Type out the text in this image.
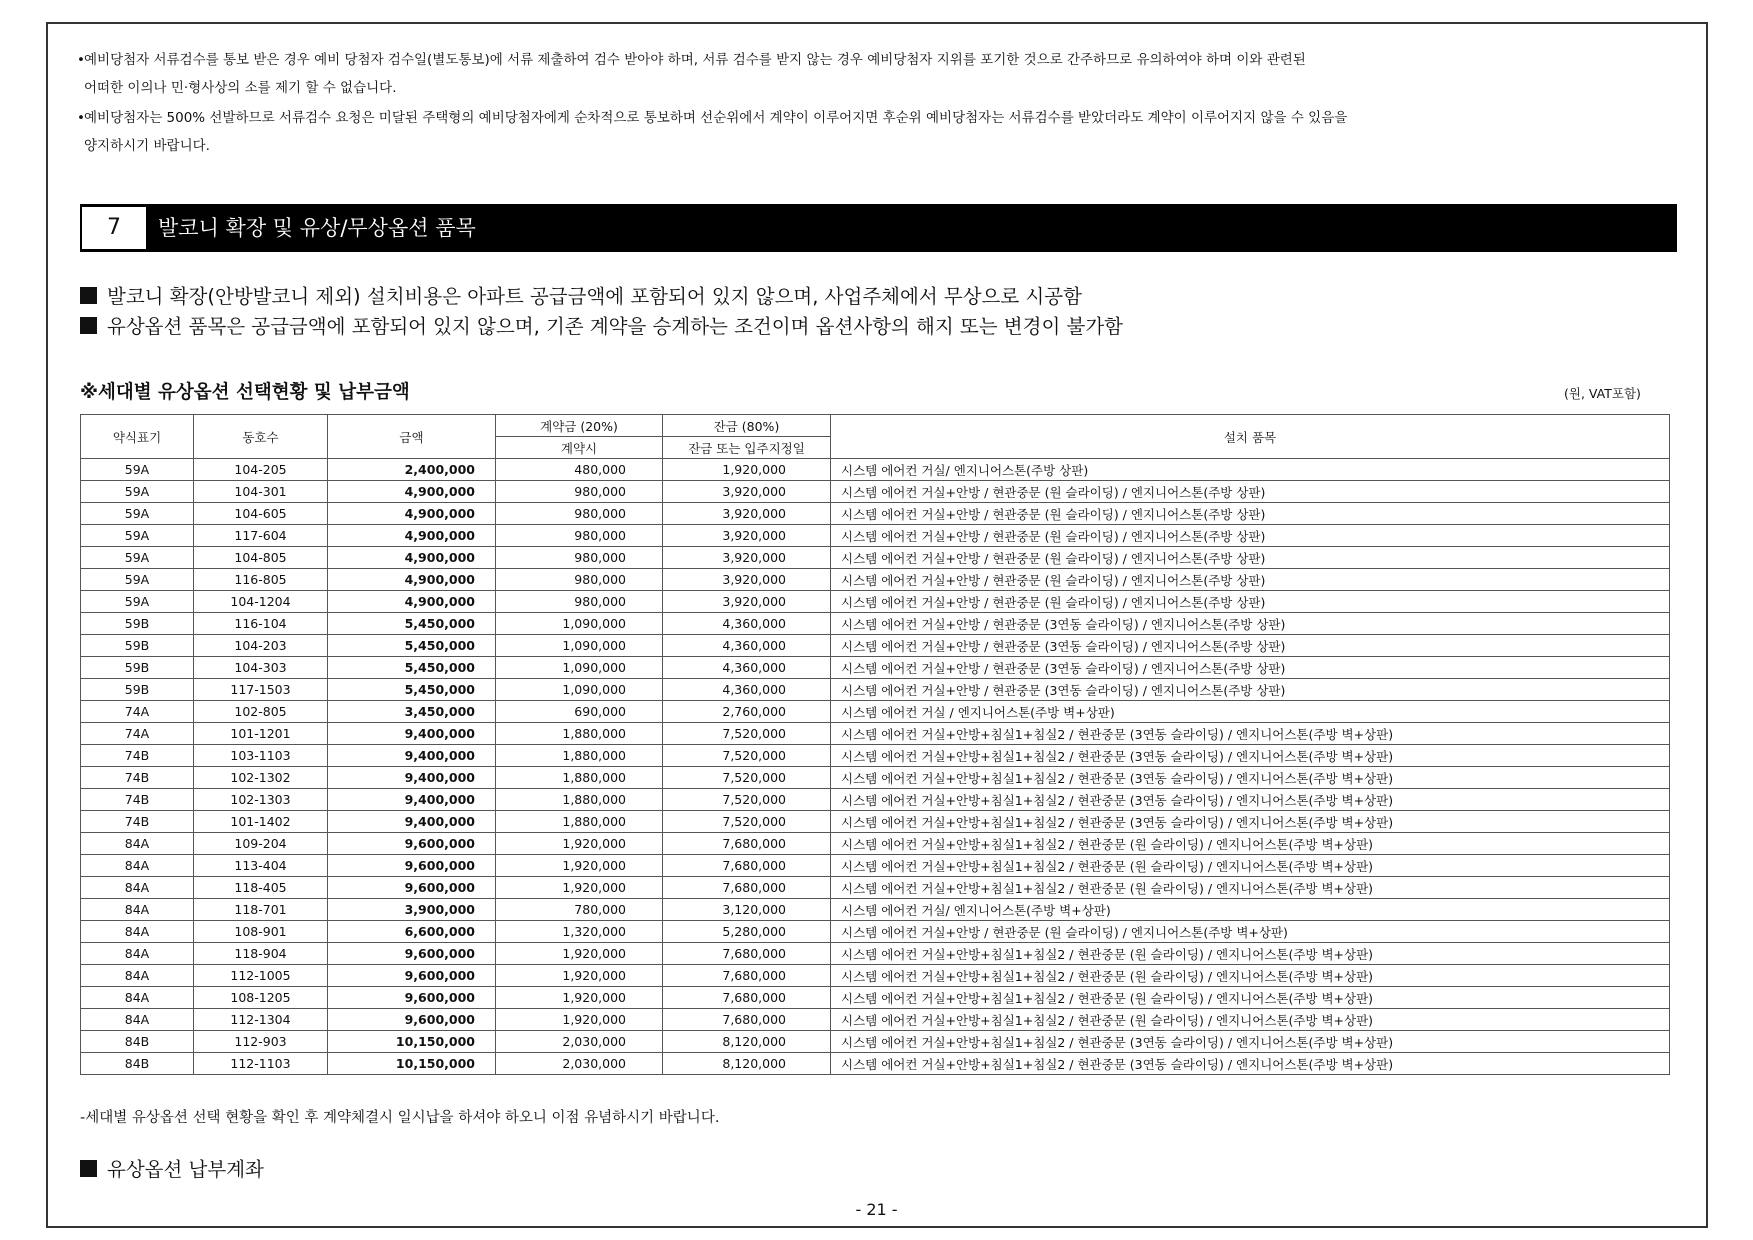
• 예비당첨자 서류검수를 통보 받은 경우 예비 당첨자 검수일(별도통보)에 서류 제출하여 검수 받아야 하며, 서류 검수를 받지 않는 경우 예비당첨자 지위를 포기한 것으로 간주하므로 유의하여야 하며 이와 관련된
어떠한 이의나 민·형사상의 소를 제기 할 수 없습니다.
• 예비당첨자는 500% 선발하므로 서류검수 요청은 미달된 주택형의 예비당첨자에게 순차적으로 통보하며 선순위에서 계약이 이루어지면 후순위 예비당첨자는 서류검수를 받았더라도 계약이 이루어지지 않을 수 있음을
양지하시기 바랍니다.
7	발코니 확장 및 유상/무상옵션 품목
발코니 확장(안방발코니 제외) 설치비용은 아파트 공급금액에 포함되어 있지 않으며, 사업주체에서 무상으로 시공함
유상옵션 품목은 공급금액에 포함되어 있지 않으며, 기존 계약을 승계하는 조건이며 옵션사항의 해지 또는 변경이 불가함
※세대별 유상옵션 선택현황 및 납부금액	(원, VAT포함)
약식표기	동호수	금액	계약금 (20%)	잔금 (80%)	설치 품목
			계약시	잔금 또는 입주지정일	
59A	104-205	2,400,000	480,000	1,920,000	시스템 에어컨 거실/ 엔지니어스톤(주방 상판)
59A	104-301	4,900,000	980,000	3,920,000	시스템 에어컨 거실+안방 / 현관중문 (원 슬라이딩) / 엔지니어스톤(주방 상판)
59A	104-605	4,900,000	980,000	3,920,000	시스템 에어컨 거실+안방 / 현관중문 (원 슬라이딩) / 엔지니어스톤(주방 상판)
59A	117-604	4,900,000	980,000	3,920,000	시스템 에어컨 거실+안방 / 현관중문 (원 슬라이딩) / 엔지니어스톤(주방 상판)
59A	104-805	4,900,000	980,000	3,920,000	시스템 에어컨 거실+안방 / 현관중문 (원 슬라이딩) / 엔지니어스톤(주방 상판)
59A	116-805	4,900,000	980,000	3,920,000	시스템 에어컨 거실+안방 / 현관중문 (원 슬라이딩) / 엔지니어스톤(주방 상판)
59A	104-1204	4,900,000	980,000	3,920,000	시스템 에어컨 거실+안방 / 현관중문 (원 슬라이딩) / 엔지니어스톤(주방 상판)
59B	116-104	5,450,000	1,090,000	4,360,000	시스템 에어컨 거실+안방 / 현관중문 (3연동 슬라이딩) / 엔지니어스톤(주방 상판)
59B	104-203	5,450,000	1,090,000	4,360,000	시스템 에어컨 거실+안방 / 현관중문 (3연동 슬라이딩) / 엔지니어스톤(주방 상판)
59B	104-303	5,450,000	1,090,000	4,360,000	시스템 에어컨 거실+안방 / 현관중문 (3연동 슬라이딩) / 엔지니어스톤(주방 상판)
59B	117-1503	5,450,000	1,090,000	4,360,000	시스템 에어컨 거실+안방 / 현관중문 (3연동 슬라이딩) / 엔지니어스톤(주방 상판)
74A	102-805	3,450,000	690,000	2,760,000	시스템 에어컨 거실 / 엔지니어스톤(주방 벽+상판)
74A	101-1201	9,400,000	1,880,000	7,520,000	시스템 에어컨 거실+안방+침실1+침실2 / 현관중문 (3연동 슬라이딩) / 엔지니어스톤(주방 벽+상판)
74B	103-1103	9,400,000	1,880,000	7,520,000	시스템 에어컨 거실+안방+침실1+침실2 / 현관중문 (3연동 슬라이딩) / 엔지니어스톤(주방 벽+상판)
74B	102-1302	9,400,000	1,880,000	7,520,000	시스템 에어컨 거실+안방+침실1+침실2 / 현관중문 (3연동 슬라이딩) / 엔지니어스톤(주방 벽+상판)
74B	102-1303	9,400,000	1,880,000	7,520,000	시스템 에어컨 거실+안방+침실1+침실2 / 현관중문 (3연동 슬라이딩) / 엔지니어스톤(주방 벽+상판)
74B	101-1402	9,400,000	1,880,000	7,520,000	시스템 에어컨 거실+안방+침실1+침실2 / 현관중문 (3연동 슬라이딩) / 엔지니어스톤(주방 벽+상판)
84A	109-204	9,600,000	1,920,000	7,680,000	시스템 에어컨 거실+안방+침실1+침실2 / 현관중문 (원 슬라이딩) / 엔지니어스톤(주방 벽+상판)
84A	113-404	9,600,000	1,920,000	7,680,000	시스템 에어컨 거실+안방+침실1+침실2 / 현관중문 (원 슬라이딩) / 엔지니어스톤(주방 벽+상판)
84A	118-405	9,600,000	1,920,000	7,680,000	시스템 에어컨 거실+안방+침실1+침실2 / 현관중문 (원 슬라이딩) / 엔지니어스톤(주방 벽+상판)
84A	118-701	3,900,000	780,000	3,120,000	시스템 에어컨 거실/ 엔지니어스톤(주방 벽+상판)
84A	108-901	6,600,000	1,320,000	5,280,000	시스템 에어컨 거실+안방 / 현관중문 (원 슬라이딩) / 엔지니어스톤(주방 벽+상판)
84A	118-904	9,600,000	1,920,000	7,680,000	시스템 에어컨 거실+안방+침실1+침실2 / 현관중문 (원 슬라이딩) / 엔지니어스톤(주방 벽+상판)
84A	112-1005	9,600,000	1,920,000	7,680,000	시스템 에어컨 거실+안방+침실1+침실2 / 현관중문 (원 슬라이딩) / 엔지니어스톤(주방 벽+상판)
84A	108-1205	9,600,000	1,920,000	7,680,000	시스템 에어컨 거실+안방+침실1+침실2 / 현관중문 (원 슬라이딩) / 엔지니어스톤(주방 벽+상판)
84A	112-1304	9,600,000	1,920,000	7,680,000	시스템 에어컨 거실+안방+침실1+침실2 / 현관중문 (원 슬라이딩) / 엔지니어스톤(주방 벽+상판)
84B	112-903	10,150,000	2,030,000	8,120,000	시스템 에어컨 거실+안방+침실1+침실2 / 현관중문 (3연동 슬라이딩) / 엔지니어스톤(주방 벽+상판)
84B	112-1103	10,150,000	2,030,000	8,120,000	시스템 에어컨 거실+안방+침실1+침실2 / 현관중문 (3연동 슬라이딩) / 엔지니어스톤(주방 벽+상판)
-세대별 유상옵션 선택 현황을 확인 후 계약체결시 일시납을 하셔야 하오니 이점 유념하시기 바랍니다.
유상옵션 납부계좌
- 21 -
